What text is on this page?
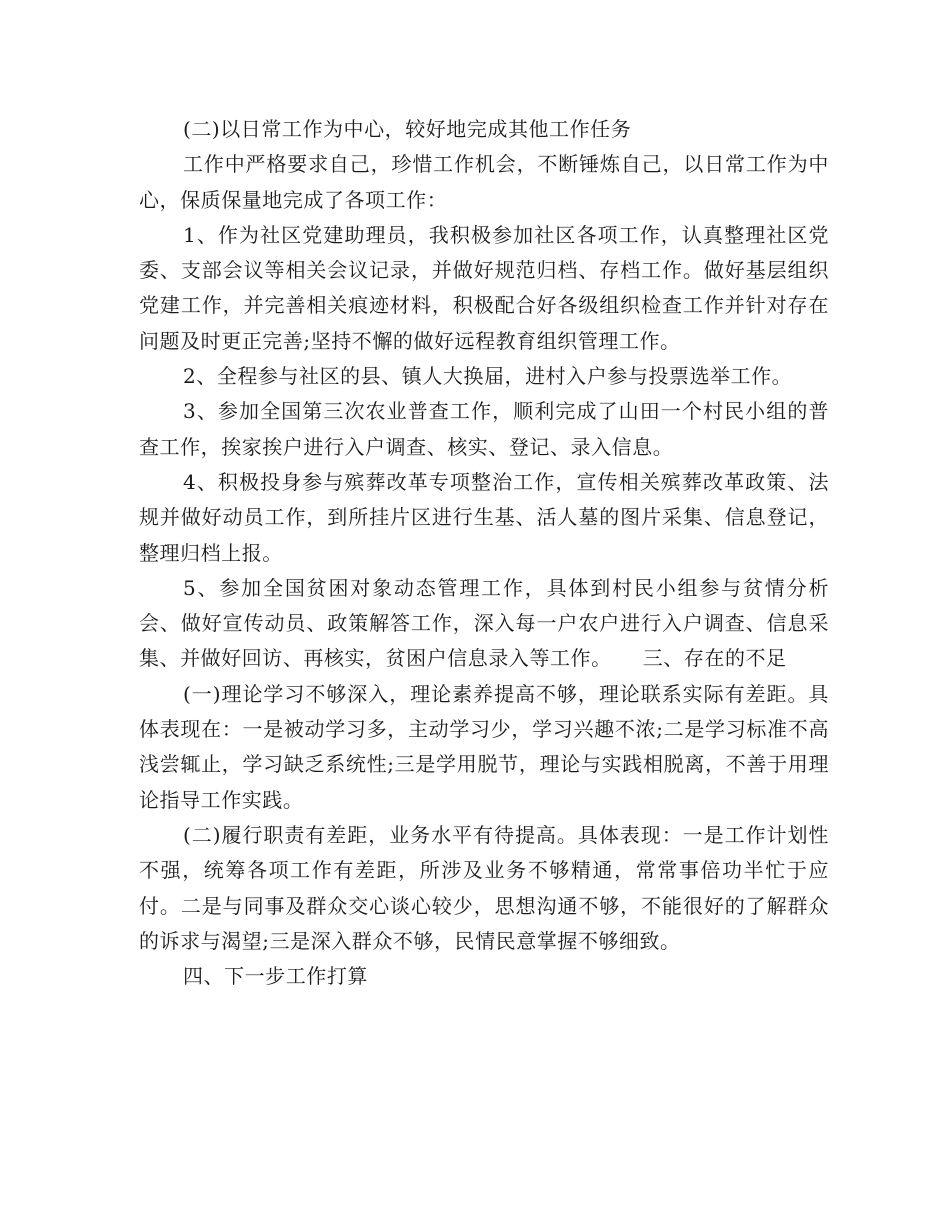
(二)以日常工作为中心，较好地完成其他工作任务

工作中严格要求自己，珍惜工作机会，不断锤炼自己，以日常工作为中心，保质保量地完成了各项工作：

1、作为社区党建助理员，我积极参加社区各项工作，认真整理社区党委、支部会议等相关会议记录，并做好规范归档、存档工作。做好基层组织党建工作，并完善相关痕迹材料，积极配合好各级组织检查工作并针对存在问题及时更正完善;坚持不懈的做好远程教育组织管理工作。

2、全程参与社区的县、镇人大换届，进村入户参与投票选举工作。

3、参加全国第三次农业普查工作，顺利完成了山田一个村民小组的普查工作，挨家挨户进行入户调查、核实、登记、录入信息。

4、积极投身参与殡葬改革专项整治工作，宣传相关殡葬改革政策、法规并做好动员工作，到所挂片区进行生基、活人墓的图片采集、信息登记，整理归档上报。

5、参加全国贫困对象动态管理工作，具体到村民小组参与贫情分析会、做好宣传动员、政策解答工作，深入每一户农户进行入户调查、信息采集、并做好回访、再核实，贫困户信息录入等工作。　　三、存在的不足

(一)理论学习不够深入，理论素养提高不够，理论联系实际有差距。具体表现在：一是被动学习多，主动学习少，学习兴趣不浓;二是学习标准不高浅尝辄止，学习缺乏系统性;三是学用脱节，理论与实践相脱离，不善于用理论指导工作实践。

(二)履行职责有差距，业务水平有待提高。具体表现：一是工作计划性不强，统筹各项工作有差距，所涉及业务不够精通，常常事倍功半忙于应付。二是与同事及群众交心谈心较少，思想沟通不够，不能很好的了解群众的诉求与渴望;三是深入群众不够，民情民意掌握不够细致。

四、下一步工作打算
